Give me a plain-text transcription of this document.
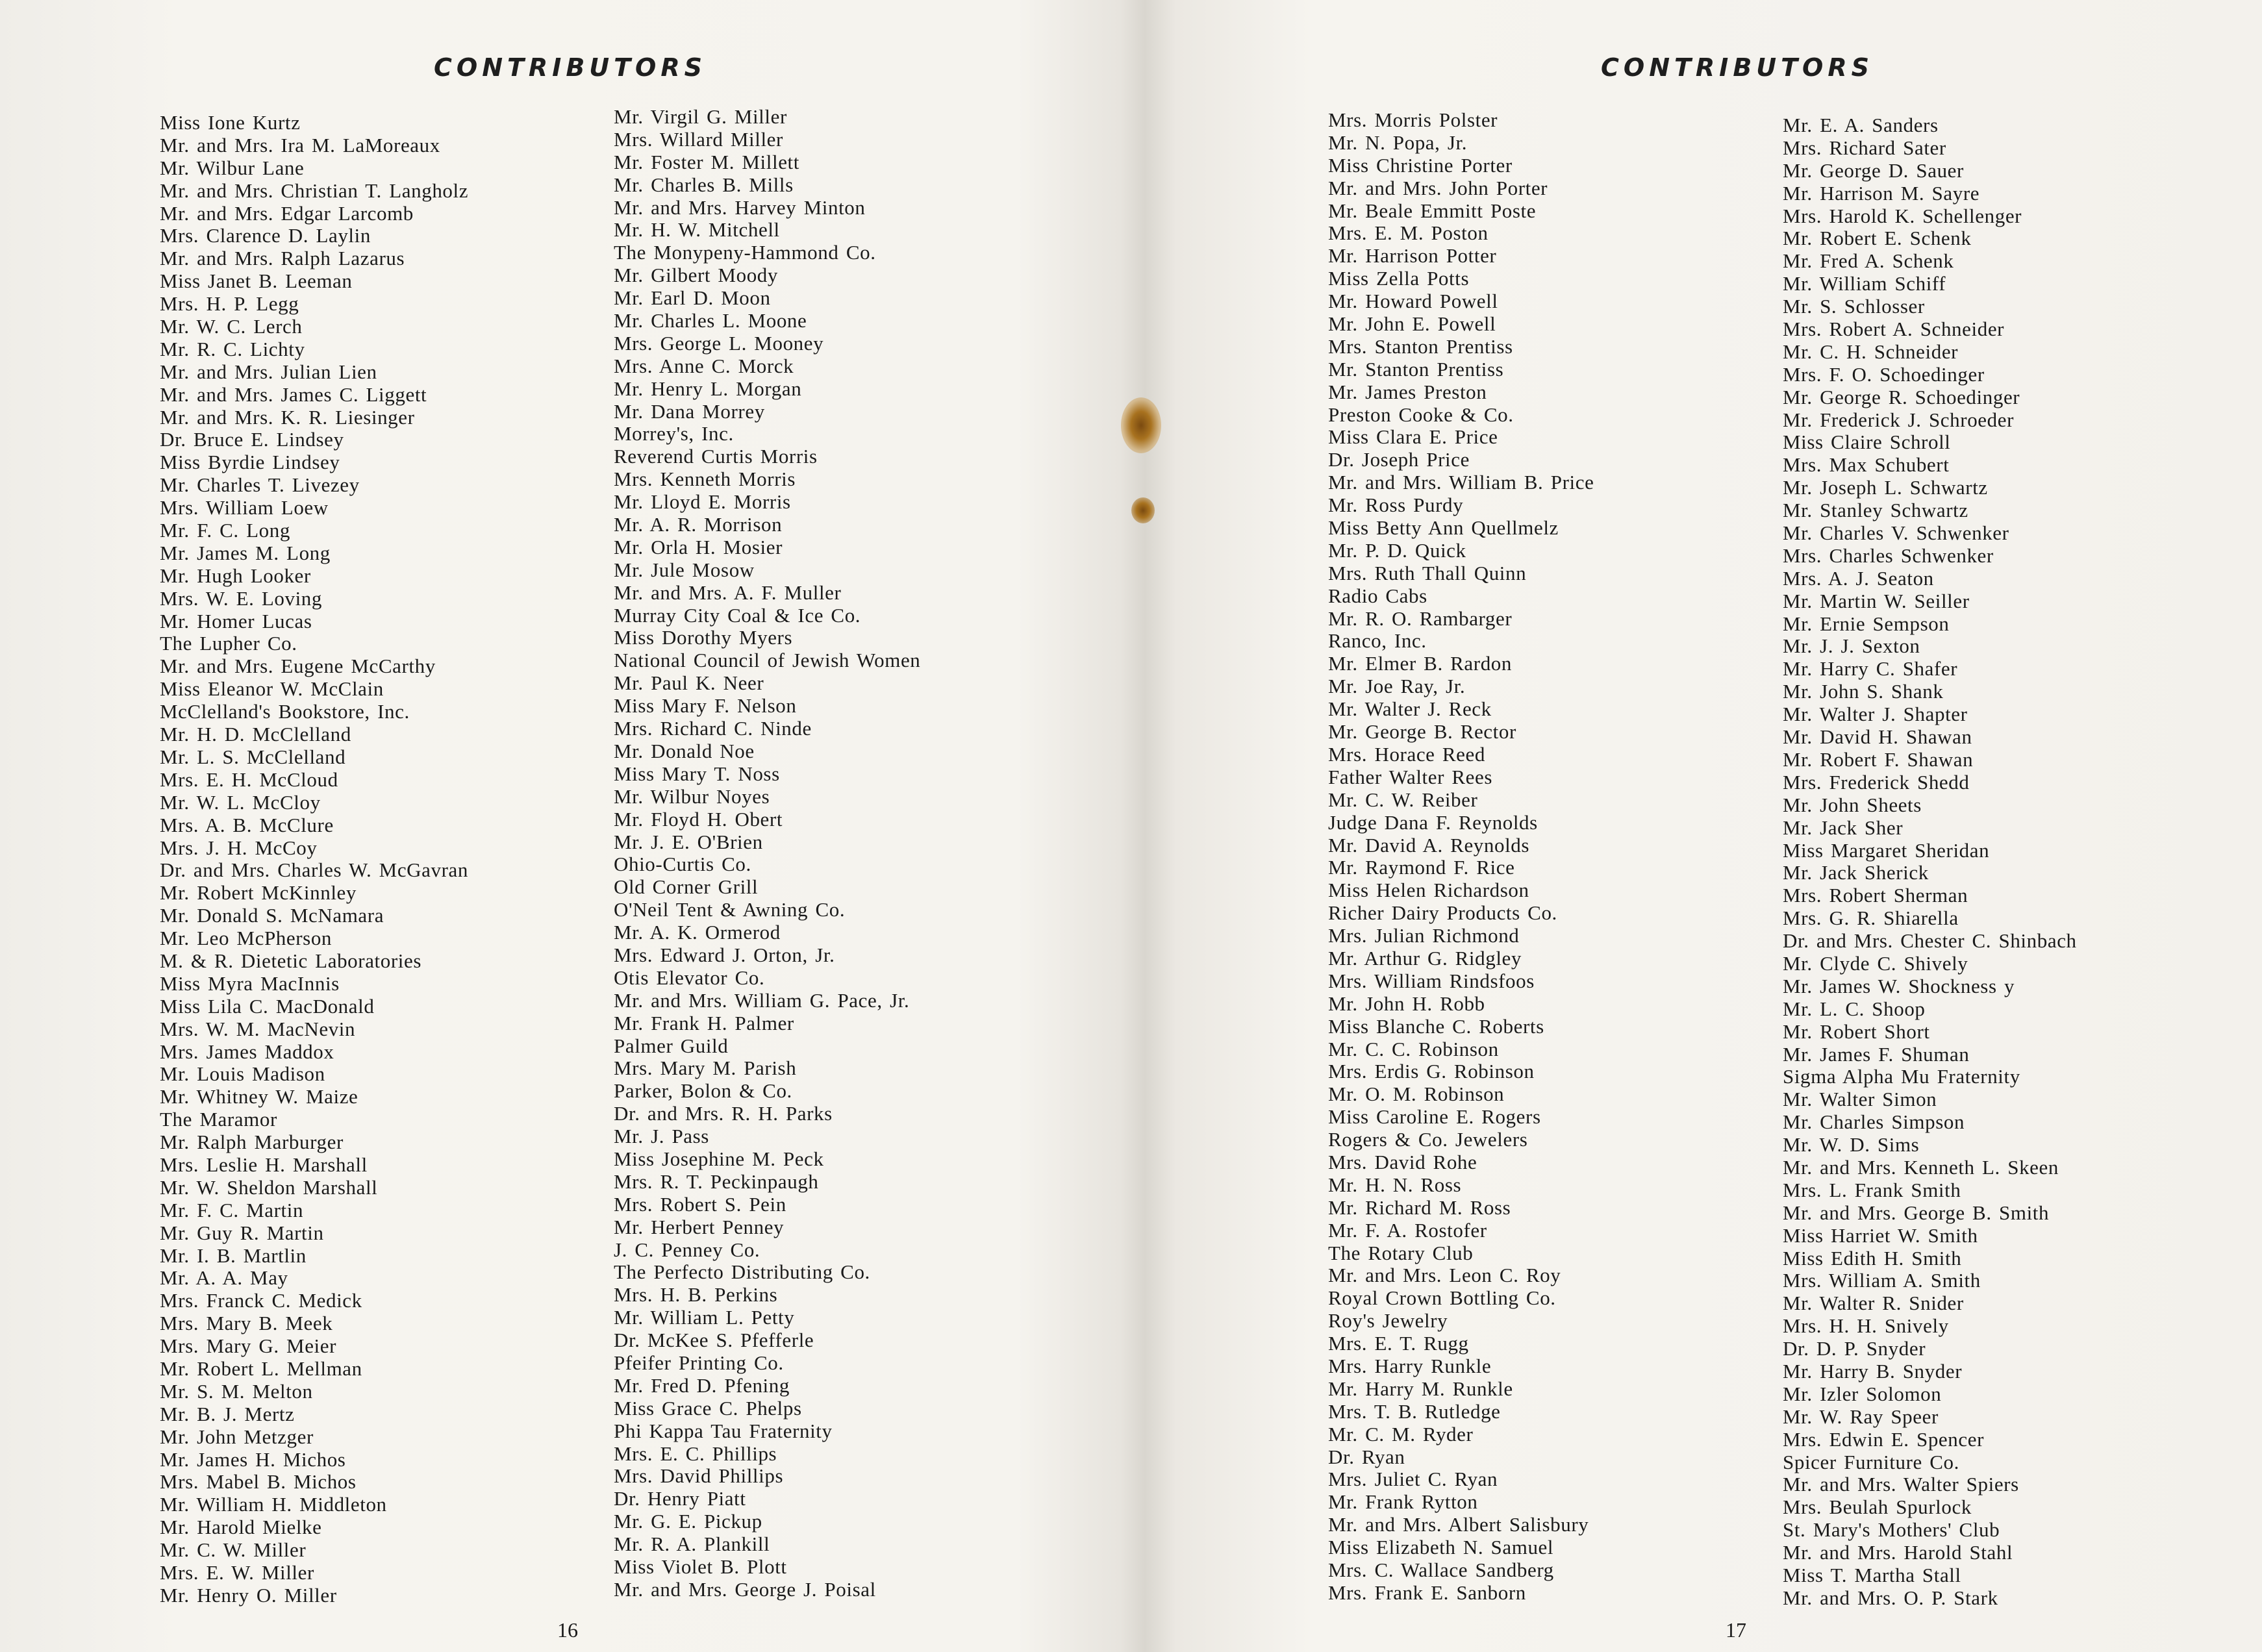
CONTRIBUTORS
Miss Ione Kurtz
Mr. and Mrs. Ira M. LaMoreaux
Mr. Wilbur Lane
Mr. and Mrs. Christian T. Langholz
Mr. and Mrs. Edgar Larcomb
Mrs. Clarence D. Laylin
Mr. and Mrs. Ralph Lazarus
Miss Janet B. Leeman
Mrs. H. P. Legg
Mr. W. C. Lerch
Mr. R. C. Lichty
Mr. and Mrs. Julian Lien
Mr. and Mrs. James C. Liggett
Mr. and Mrs. K. R. Liesinger
Dr. Bruce E. Lindsey
Miss Byrdie Lindsey
Mr. Charles T. Livezey
Mrs. William Loew
Mr. F. C. Long
Mr. James M. Long
Mr. Hugh Looker
Mrs. W. E. Loving
Mr. Homer Lucas
The Lupher Co.
Mr. and Mrs. Eugene McCarthy
Miss Eleanor W. McClain
McClelland's Bookstore, Inc.
Mr. H. D. McClelland
Mr. L. S. McClelland
Mrs. E. H. McCloud
Mr. W. L. McCloy
Mrs. A. B. McClure
Mrs. J. H. McCoy
Dr. and Mrs. Charles W. McGavran
Mr. Robert McKinnley
Mr. Donald S. McNamara
Mr. Leo McPherson
M. & R. Dietetic Laboratories
Miss Myra MacInnis
Miss Lila C. MacDonald
Mrs. W. M. MacNevin
Mrs. James Maddox
Mr. Louis Madison
Mr. Whitney W. Maize
The Maramor
Mr. Ralph Marburger
Mrs. Leslie H. Marshall
Mr. W. Sheldon Marshall
Mr. F. C. Martin
Mr. Guy R. Martin
Mr. I. B. Martlin
Mr. A. A. May
Mrs. Franck C. Medick
Mrs. Mary B. Meek
Mrs. Mary G. Meier
Mr. Robert L. Mellman
Mr. S. M. Melton
Mr. B. J. Mertz
Mr. John Metzger
Mr. James H. Michos
Mrs. Mabel B. Michos
Mr. William H. Middleton
Mr. Harold Mielke
Mr. C. W. Miller
Mrs. E. W. Miller
Mr. Henry O. Miller
Mr. Virgil G. Miller
Mrs. Willard Miller
Mr. Foster M. Millett
Mr. Charles B. Mills
Mr. and Mrs. Harvey Minton
Mr. H. W. Mitchell
The Monypeny-Hammond Co.
Mr. Gilbert Moody
Mr. Earl D. Moon
Mr. Charles L. Moone
Mrs. George L. Mooney
Mrs. Anne C. Morck
Mr. Henry L. Morgan
Mr. Dana Morrey
Morrey's, Inc.
Reverend Curtis Morris
Mrs. Kenneth Morris
Mr. Lloyd E. Morris
Mr. A. R. Morrison
Mr. Orla H. Mosier
Mr. Jule Mosow
Mr. and Mrs. A. F. Muller
Murray City Coal & Ice Co.
Miss Dorothy Myers
National Council of Jewish Women
Mr. Paul K. Neer
Miss Mary F. Nelson
Mrs. Richard C. Ninde
Mr. Donald Noe
Miss Mary T. Noss
Mr. Wilbur Noyes
Mr. Floyd H. Obert
Mr. J. E. O'Brien
Ohio-Curtis Co.
Old Corner Grill
O'Neil Tent & Awning Co.
Mr. A. K. Ormerod
Mrs. Edward J. Orton, Jr.
Otis Elevator Co.
Mr. and Mrs. William G. Pace, Jr.
Mr. Frank H. Palmer
Palmer Guild
Mrs. Mary M. Parish
Parker, Bolon & Co.
Dr. and Mrs. R. H. Parks
Mr. J. Pass
Miss Josephine M. Peck
Mrs. R. T. Peckinpaugh
Mrs. Robert S. Pein
Mr. Herbert Penney
J. C. Penney Co.
The Perfecto Distributing Co.
Mrs. H. B. Perkins
Mr. William L. Petty
Dr. McKee S. Pfefferle
Pfeifer Printing Co.
Mr. Fred D. Pfening
Miss Grace C. Phelps
Phi Kappa Tau Fraternity
Mrs. E. C. Phillips
Mrs. David Phillips
Dr. Henry Piatt
Mr. G. E. Pickup
Mr. R. A. Plankill
Miss Violet B. Plott
Mr. and Mrs. George J. Poisal
16
CONTRIBUTORS
Mrs. Morris Polster
Mr. N. Popa, Jr.
Miss Christine Porter
Mr. and Mrs. John Porter
Mr. Beale Emmitt Poste
Mrs. E. M. Poston
Mr. Harrison Potter
Miss Zella Potts
Mr. Howard Powell
Mr. John E. Powell
Mrs. Stanton Prentiss
Mr. Stanton Prentiss
Mr. James Preston
Preston Cooke & Co.
Miss Clara E. Price
Dr. Joseph Price
Mr. and Mrs. William B. Price
Mr. Ross Purdy
Miss Betty Ann Quellmelz
Mr. P. D. Quick
Mrs. Ruth Thall Quinn
Radio Cabs
Mr. R. O. Rambarger
Ranco, Inc.
Mr. Elmer B. Rardon
Mr. Joe Ray, Jr.
Mr. Walter J. Reck
Mr. George B. Rector
Mrs. Horace Reed
Father Walter Rees
Mr. C. W. Reiber
Judge Dana F. Reynolds
Mr. David A. Reynolds
Mr. Raymond F. Rice
Miss Helen Richardson
Richer Dairy Products Co.
Mrs. Julian Richmond
Mr. Arthur G. Ridgley
Mrs. William Rindsfoos
Mr. John H. Robb
Miss Blanche C. Roberts
Mr. C. C. Robinson
Mrs. Erdis G. Robinson
Mr. O. M. Robinson
Miss Caroline E. Rogers
Rogers & Co. Jewelers
Mrs. David Rohe
Mr. H. N. Ross
Mr. Richard M. Ross
Mr. F. A. Rostofer
The Rotary Club
Mr. and Mrs. Leon C. Roy
Royal Crown Bottling Co.
Roy's Jewelry
Mrs. E. T. Rugg
Mrs. Harry Runkle
Mr. Harry M. Runkle
Mrs. T. B. Rutledge
Mr. C. M. Ryder
Dr. Ryan
Mrs. Juliet C. Ryan
Mr. Frank Rytton
Mr. and Mrs. Albert Salisbury
Miss Elizabeth N. Samuel
Mrs. C. Wallace Sandberg
Mrs. Frank E. Sanborn
Mr. E. A. Sanders
Mrs. Richard Sater
Mr. George D. Sauer
Mr. Harrison M. Sayre
Mrs. Harold K. Schellenger
Mr. Robert E. Schenk
Mr. Fred A. Schenk
Mr. William Schiff
Mr. S. Schlosser
Mrs. Robert A. Schneider
Mr. C. H. Schneider
Mrs. F. O. Schoedinger
Mr. George R. Schoedinger
Mr. Frederick J. Schroeder
Miss Claire Schroll
Mrs. Max Schubert
Mr. Joseph L. Schwartz
Mr. Stanley Schwartz
Mr. Charles V. Schwenker
Mrs. Charles Schwenker
Mrs. A. J. Seaton
Mr. Martin W. Seiller
Mr. Ernie Sempson
Mr. J. J. Sexton
Mr. Harry C. Shafer
Mr. John S. Shank
Mr. Walter J. Shapter
Mr. David H. Shawan
Mr. Robert F. Shawan
Mrs. Frederick Shedd
Mr. John Sheets
Mr. Jack Sher
Miss Margaret Sheridan
Mr. Jack Sherick
Mrs. Robert Sherman
Mrs. G. R. Shiarella
Dr. and Mrs. Chester C. Shinbach
Mr. Clyde C. Shively
Mr. James W. Shockness y
Mr. L. C. Shoop
Mr. Robert Short
Mr. James F. Shuman
Sigma Alpha Mu Fraternity
Mr. Walter Simon
Mr. Charles Simpson
Mr. W. D. Sims
Mr. and Mrs. Kenneth L. Skeen
Mrs. L. Frank Smith
Mr. and Mrs. George B. Smith
Miss Harriet W. Smith
Miss Edith H. Smith
Mrs. William A. Smith
Mr. Walter R. Snider
Mrs. H. H. Snively
Dr. D. P. Snyder
Mr. Harry B. Snyder
Mr. Izler Solomon
Mr. W. Ray Speer
Mrs. Edwin E. Spencer
Spicer Furniture Co.
Mr. and Mrs. Walter Spiers
Mrs. Beulah Spurlock
St. Mary's Mothers' Club
Mr. and Mrs. Harold Stahl
Miss T. Martha Stall
Mr. and Mrs. O. P. Stark
17
